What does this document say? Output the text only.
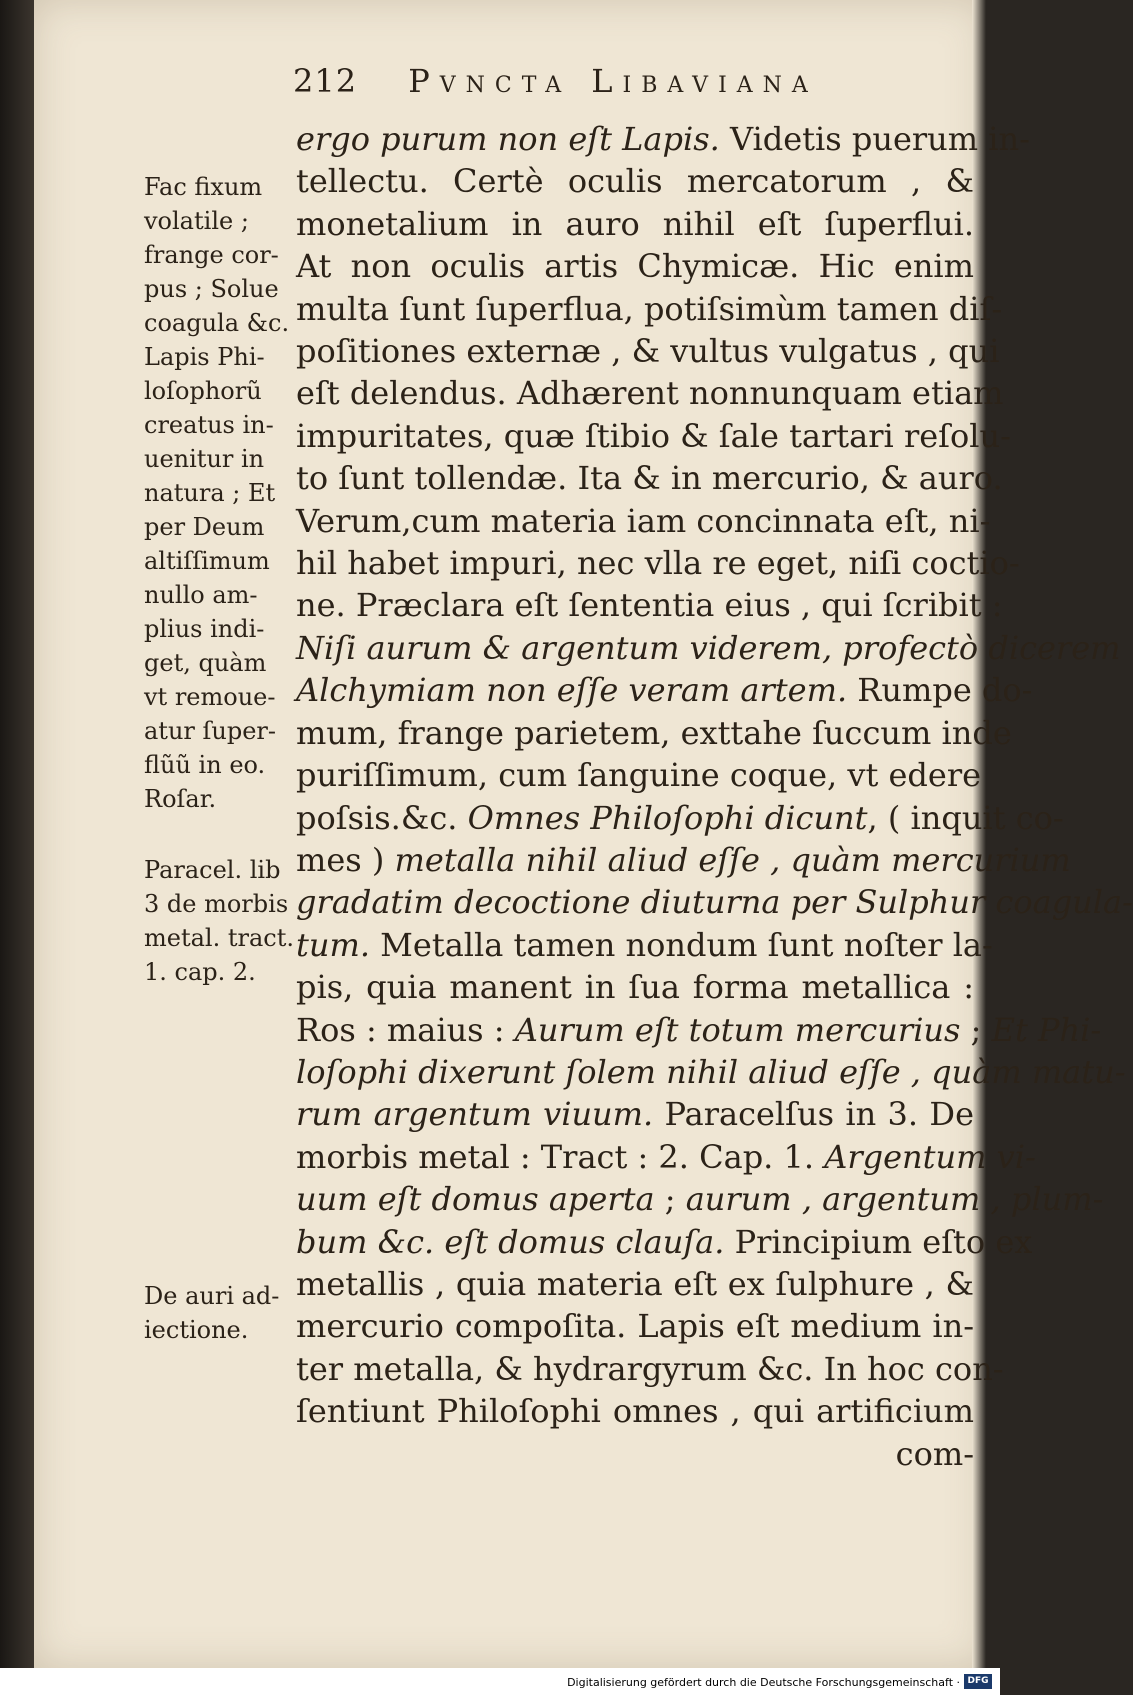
212 Pvncta Libaviana
ergo purum non eſt Lapis. Videtis puerum in-
tellectu. Certè oculis mercatorum , &
monetalium in auro nihil eſt ſuperflui.
At non oculis artis Chymicæ. Hic enim
multa ſunt ſuperflua, potiſsimùm tamen diſ-
poſitiones externæ , & vultus vulgatus , qui
eſt delendus. Adhærent nonnunquam etiam
impuritates, quæ ſtibio & ſale tartari reſolu-
to ſunt tollendæ. Ita & in mercurio, & auro.
Verum,cum materia iam concinnata eſt, ni-
hil habet impuri, nec vlla re eget, niſi coctio-
ne. Præclara eſt ſententia eius , qui ſcribit :
Niſi aurum & argentum viderem, profectò dicerem
Alchymiam non eſſe veram artem. Rumpe do-
mum, frange parietem, exttahe ſuccum inde
puriſſimum, cum ſanguine coque, vt edere
poſsis.&c. Omnes Philoſophi dicunt, ( inquit co-
mes ) metalla nihil aliud eſſe , quàm mercurium
gradatim decoctione diuturna per Sulphur coagula-
tum. Metalla tamen nondum ſunt noſter la-
pis, quia manent in ſua forma metallica :
Ros : maius : Aurum eſt totum mercurius ; Et Phi-
loſophi dixerunt ſolem nihil aliud eſſe , quàm matu-
rum argentum viuum. Paracelſus in 3. De
morbis metal : Tract : 2. Cap. 1. Argentum vi-
uum eſt domus aperta ; aurum , argentum , plum-
bum &c. eſt domus clauſa. Principium eſto ex
metallis , quia materia eſt ex ſulphure , &
mercurio compoſita. Lapis eſt medium in-
ter metalla, & hydrargyrum &c. In hoc con-
ſentiunt Philoſophi omnes , qui artificium
com-
Fac fixum
volatile ;
frange cor-
pus ; Solue
coagula &c.
Lapis Phi-
loſophorũ
creatus in-
uenitur in
natura ; Et
per Deum
altiſſimum
nullo am-
plius indi-
get, quàm
vt remoue-
atur ſuper-
flũũ in eo.
Roſar.
Paracel. lib
3 de morbis
metal. tract.
1. cap. 2.
De auri ad-
iectione.
Digitalisierung gefördert durch die Deutsche Forschungsgemeinschaft · DFG
